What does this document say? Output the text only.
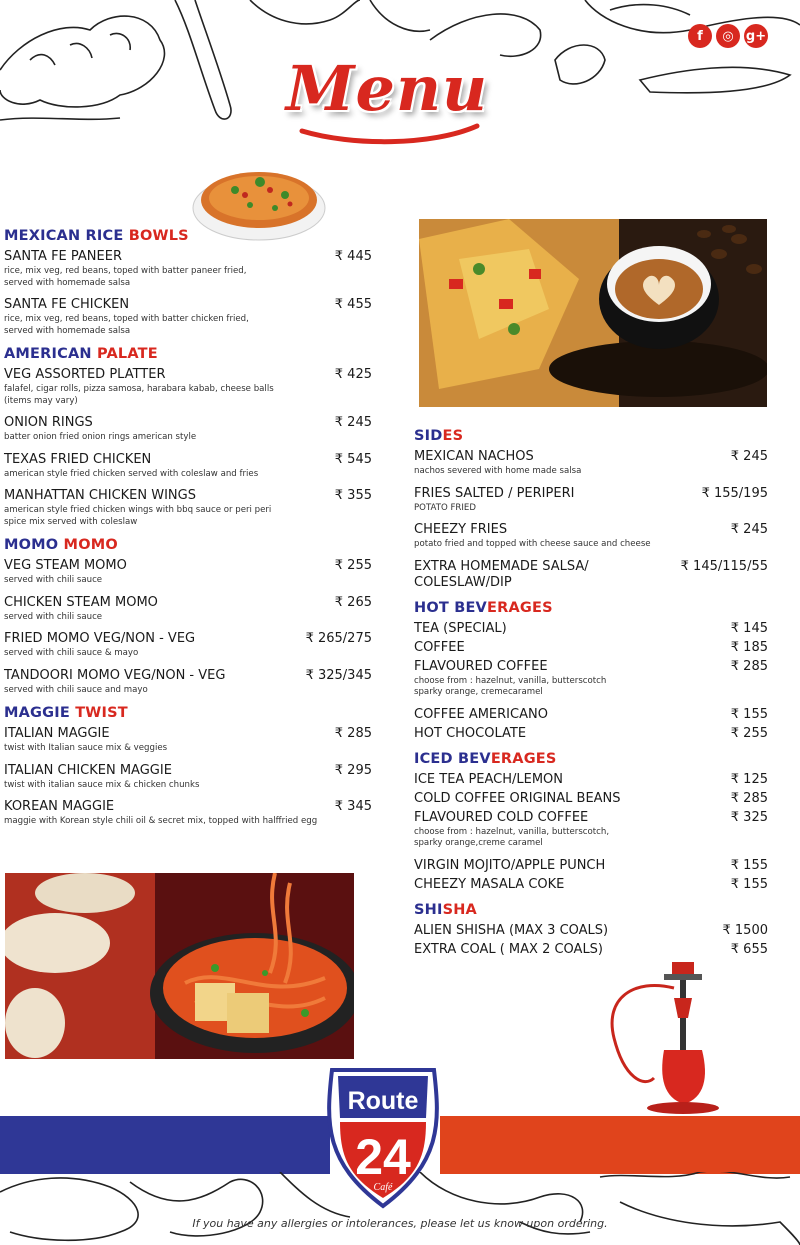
f	◎ g+
Menu
MEXICAN RICE BOWLS
SANTA FE PANEER	₹ 445
rice, mix veg, red beans, toped with batter paneer fried,
served with homemade salsa
SANTA FE CHICKEN	₹ 455
rice, mix veg, red beans, toped with batter chicken fried,
served with homemade salsa
AMERICAN PALATE
VEG ASSORTED PLATTER	₹ 425
falafel, cigar rolls, pizza samosa, harabara kabab, cheese balls
(items may vary)
ONION RINGS	₹ 245
batter onion fried onion rings american style
TEXAS FRIED CHICKEN	₹ 545
american style fried chicken served with coleslaw and fries
MANHATTAN CHICKEN WINGS	₹ 355
american style fried chicken wings with bbq sauce or peri peri
spice mix served with coleslaw
MOMO MOMO
VEG STEAM MOMO	₹ 255
served with chili sauce
CHICKEN STEAM MOMO	₹ 265
served with chili sauce
FRIED MOMO VEG/NON - VEG	₹ 265/275
served with chili sauce & mayo
TANDOORI MOMO VEG/NON - VEG	₹ 325/345
served with chili sauce and mayo
MAGGIE TWIST
ITALIAN MAGGIE	₹ 285
twist with Italian sauce mix & veggies
ITALIAN CHICKEN MAGGIE	₹ 295
twist with italian sauce mix & chicken chunks
KOREAN MAGGIE	₹ 345
maggie with Korean style chili oil & secret mix, topped with halffried egg
SIDES
MEXICAN NACHOS	₹ 245
nachos severed with home made salsa
FRIES SALTED / PERIPERI	₹ 155/195
POTATO FRIED
CHEEZY FRIES	₹ 245
potato fried and topped with cheese sauce and cheese
EXTRA HOMEMADE SALSA/
COLESLAW/DIP
₹ 145/115/55
HOT BEVERAGES
TEA (SPECIAL)	₹ 145
COFFEE	₹ 185
FLAVOURED COFFEE	₹ 285
choose from : hazelnut, vanilla, butterscotch
sparky orange, cremecaramel
COFFEE AMERICANO	₹ 155
HOT CHOCOLATE	₹ 255
ICED BEVERAGES
ICE TEA PEACH/LEMON	₹ 125
COLD COFFEE ORIGINAL BEANS	₹ 285
FLAVOURED COLD COFFEE	₹ 325
choose from : hazelnut, vanilla, butterscotch,
sparky orange,creme caramel
VIRGIN MOJITO/APPLE PUNCH	₹ 155
CHEEZY MASALA COKE	₹ 155
SHISHA
ALIEN SHISHA (MAX 3 COALS)	₹ 1500
EXTRA COAL ( MAX 2 COALS)	₹ 655
Route
24
Café
If you have any allergies or intolerances, please let us know upon ordering.
